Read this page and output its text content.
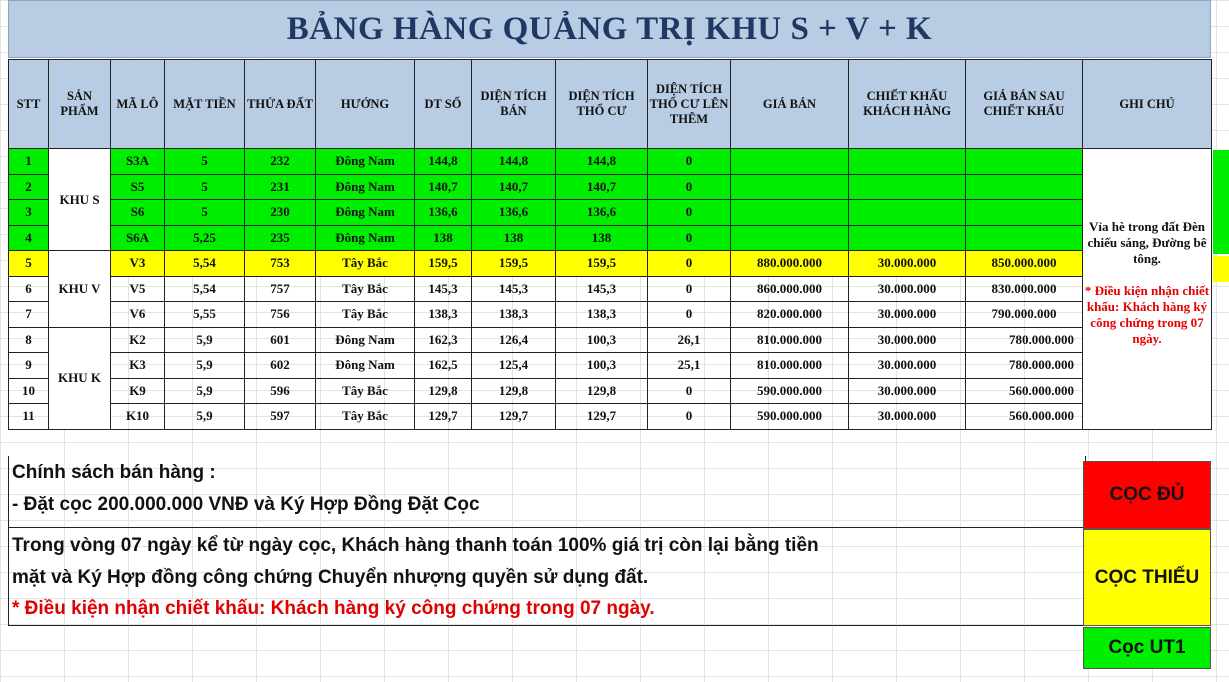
BẢNG HÀNG QUẢNG TRỊ KHU S + V + K
STT	SẢN PHẨM	MÃ LÔ	MẶT TIỀN	THỬA ĐẤT	HƯỚNG	DT SỔ	DIỆN TÍCH BÁN	DIỆN TÍCH THỔ CƯ	DIỆN TÍCH THỔ CƯ LÊN THÊM	GIÁ BÁN	CHIẾT KHẤU KHÁCH HÀNG	GIÁ BÁN SAU CHIẾT KHẤU	GHI CHÚ
1	KHU S	S3A	5	232	Đông Nam	144,8	144,8	144,8	0				Vỉa hè trong đất Đèn chiếu sáng, Đường bê tông.
* Điều kiện nhận chiết khấu: Khách hàng ký công chứng trong 07 ngày.

2		S5	5	231	Đông Nam	140,7	140,7	140,7	0				
3		S6	5	230	Đông Nam	136,6	136,6	136,6	0				
4		S6A	5,25	235	Đông Nam	138	138	138	0				
5	KHU V	V3	5,54	753	Tây Bắc	159,5	159,5	159,5	0	880.000.000	30.000.000	850.000.000	
6		V5	5,54	757	Tây Bắc	145,3	145,3	145,3	0	860.000.000	30.000.000	830.000.000	
7		V6	5,55	756	Tây Bắc	138,3	138,3	138,3	0	820.000.000	30.000.000	790.000.000	
8	KHU K	K2	5,9	601	Đông Nam	162,3	126,4	100,3	26,1	810.000.000	30.000.000	780.000.000	
9		K3	5,9	602	Đông Nam	162,5	125,4	100,3	25,1	810.000.000	30.000.000	780.000.000	
10		K9	5,9	596	Tây Bắc	129,8	129,8	129,8	0	590.000.000	30.000.000	560.000.000	
11		K10	5,9	597	Tây Bắc	129,7	129,7	129,7	0	590.000.000	30.000.000	560.000.000	
Chính sách bán hàng :
- Đặt cọc 200.000.000 VNĐ và Ký Hợp Đồng Đặt Cọc
Trong vòng 07 ngày kể từ ngày cọc, Khách hàng thanh toán 100% giá trị còn lại bằng tiền
mặt và Ký Hợp đồng công chứng Chuyển nhượng quyền sử dụng đất.
* Điều kiện nhận chiết khấu: Khách hàng ký công chứng trong 07 ngày.
CỌC ĐỦ
CỌC THIẾU
Cọc UT1
